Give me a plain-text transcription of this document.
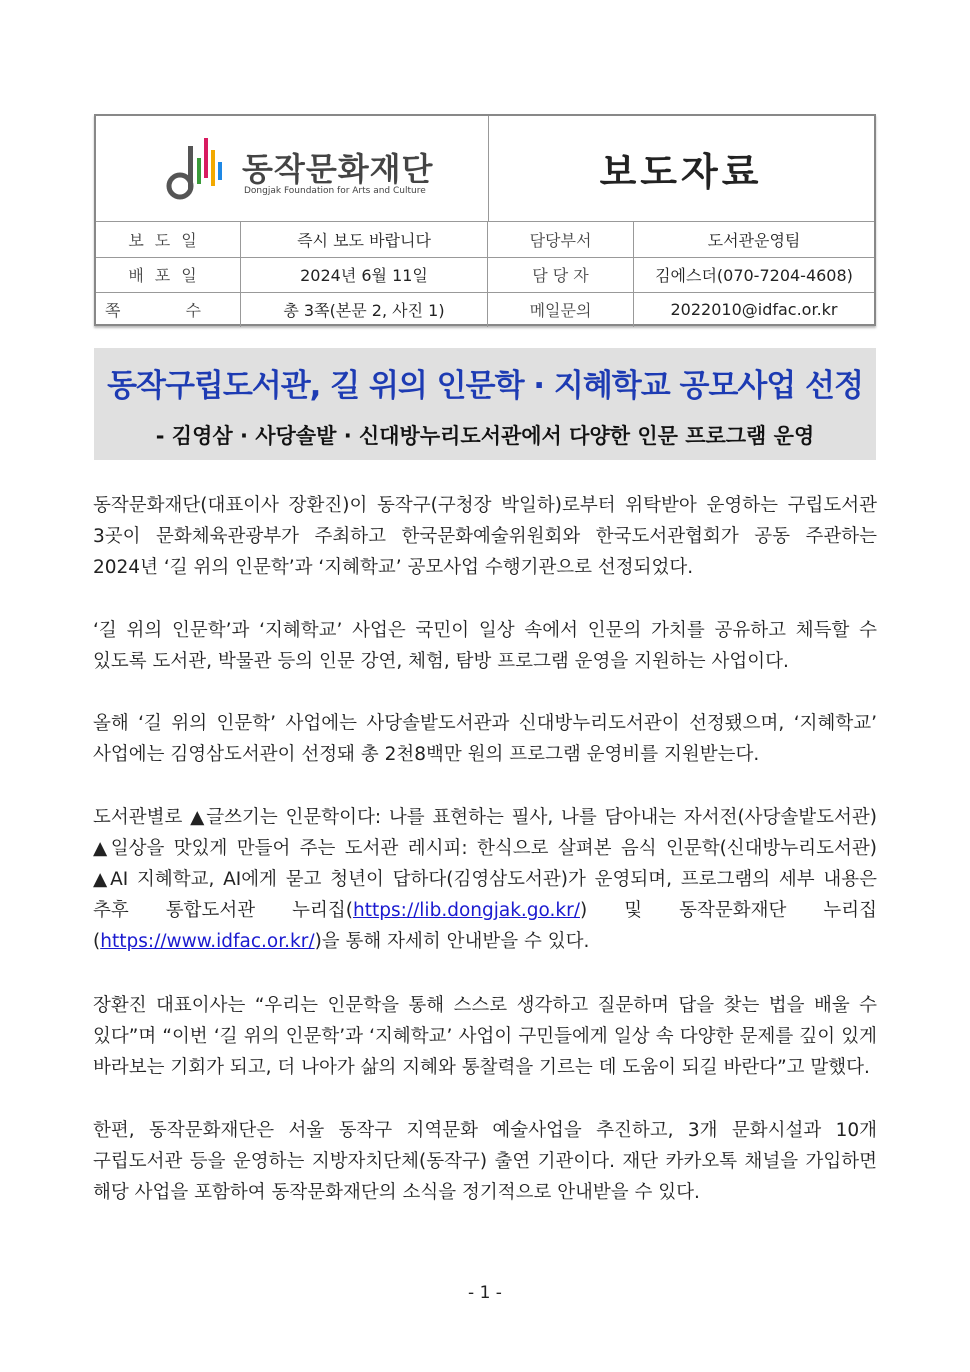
동작문화재단
Dongjak Foundation for Arts and Culture	보도자료
보도일	즉시 보도 바랍니다	담당부서	도서관운영팀
배포일	2024년 6월 11일	담 당 자	김에스더(070-7204-4608)
쪽 수	총 3쪽(본문 2, 사진 1)	메일문의	2022010@idfac.or.kr
동작구립도서관, 길 위의 인문학 · 지혜학교 공모사업 선정
- 김영삼 · 사당솔밭 · 신대방누리도서관에서 다양한 인문 프로그램 운영
동작문화재단(대표이사 장환진)이 동작구(구청장 박일하)로부터 위탁받아 운영하는 구립도서관 3곳이 문화체육관광부가 주최하고 한국문화예술위원회와 한국도서관협회가 공동 주관하는 2024년 ‘길 위의 인문학’과 ‘지혜학교’ 공모사업 수행기관으로 선정되었다.
‘길 위의 인문학’과 ‘지혜학교’ 사업은 국민이 일상 속에서 인문의 가치를 공유하고 체득할 수 있도록 도서관, 박물관 등의 인문 강연, 체험, 탐방 프로그램 운영을 지원하는 사업이다.
올해 ‘길 위의 인문학’ 사업에는 사당솔밭도서관과 신대방누리도서관이 선정됐으며, ‘지혜학교’ 사업에는 김영삼도서관이 선정돼 총 2천8백만 원의 프로그램 운영비를 지원받는다.
도서관별로 ▲글쓰기는 인문학이다: 나를 표현하는 필사, 나를 담아내는 자서전(사당솔밭도서관) ▲일상을 맛있게 만들어 주는 도서관 레시피: 한식으로 살펴본 음식 인문학(신대방누리도서관) ▲AI 지혜학교, AI에게 묻고 청년이 답하다(김영삼도서관)가 운영되며, 프로그램의 세부 내용은 추후 통합도서관 누리집(https://lib.dongjak.go.kr/) 및 동작문화재단 누리집(https://www.idfac.or.kr/)을 통해 자세히 안내받을 수 있다.
장환진 대표이사는 “우리는 인문학을 통해 스스로 생각하고 질문하며 답을 찾는 법을 배울 수 있다”며 “이번 ‘길 위의 인문학’과 ‘지혜학교’ 사업이 구민들에게 일상 속 다양한 문제를 깊이 있게 바라보는 기회가 되고, 더 나아가 삶의 지혜와 통찰력을 기르는 데 도움이 되길 바란다”고 말했다.
한편, 동작문화재단은 서울 동작구 지역문화 예술사업을 추진하고, 3개 문화시설과 10개 구립도서관 등을 운영하는 지방자치단체(동작구) 출연 기관이다. 재단 카카오톡 채널을 가입하면 해당 사업을 포함하여 동작문화재단의 소식을 정기적으로 안내받을 수 있다.
- 1 -
